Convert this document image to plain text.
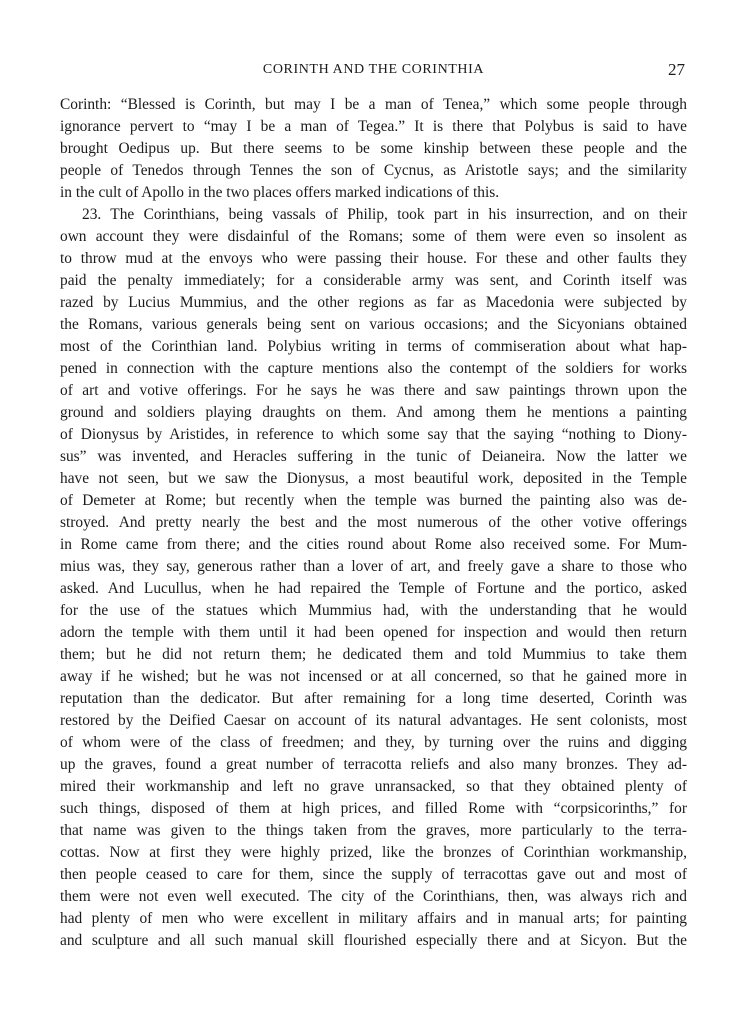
CORINTH AND THE CORINTHIA	27
Corinth: “Blessed is Corinth, but may I be a man of Tenea,” which some people through
ignorance pervert to “may I be a man of Tegea.” It is there that Polybus is said to have
brought Oedipus up. But there seems to be some kinship between these people and the
people of Tenedos through Tennes the son of Cycnus, as Aristotle says; and the similarity
in the cult of Apollo in the two places offers marked indications of this.
23. The Corinthians, being vassals of Philip, took part in his insurrection, and on their
own account they were disdainful of the Romans; some of them were even so insolent as
to throw mud at the envoys who were passing their house. For these and other faults they
paid the penalty immediately; for a considerable army was sent, and Corinth itself was
razed by Lucius Mummius, and the other regions as far as Macedonia were subjected by
the Romans, various generals being sent on various occasions; and the Sicyonians obtained
most of the Corinthian land. Polybius writing in terms of commiseration about what hap-
pened in connection with the capture mentions also the contempt of the soldiers for works
of art and votive offerings. For he says he was there and saw paintings thrown upon the
ground and soldiers playing draughts on them. And among them he mentions a painting
of Dionysus by Aristides, in reference to which some say that the saying “nothing to Diony-
sus” was invented, and Heracles suffering in the tunic of Deianeira. Now the latter we
have not seen, but we saw the Dionysus, a most beautiful work, deposited in the Temple
of Demeter at Rome; but recently when the temple was burned the painting also was de-
stroyed. And pretty nearly the best and the most numerous of the other votive offerings
in Rome came from there; and the cities round about Rome also received some. For Mum-
mius was, they say, generous rather than a lover of art, and freely gave a share to those who
asked. And Lucullus, when he had repaired the Temple of Fortune and the portico, asked
for the use of the statues which Mummius had, with the understanding that he would
adorn the temple with them until it had been opened for inspection and would then return
them; but he did not return them; he dedicated them and told Mummius to take them
away if he wished; but he was not incensed or at all concerned, so that he gained more in
reputation than the dedicator. But after remaining for a long time deserted, Corinth was
restored by the Deified Caesar on account of its natural advantages. He sent colonists, most
of whom were of the class of freedmen; and they, by turning over the ruins and digging
up the graves, found a great number of terracotta reliefs and also many bronzes. They ad-
mired their workmanship and left no grave unransacked, so that they obtained plenty of
such things, disposed of them at high prices, and filled Rome with “corpsicorinths,” for
that name was given to the things taken from the graves, more particularly to the terra-
cottas. Now at first they were highly prized, like the bronzes of Corinthian workmanship,
then people ceased to care for them, since the supply of terracottas gave out and most of
them were not even well executed. The city of the Corinthians, then, was always rich and
had plenty of men who were excellent in military affairs and in manual arts; for painting
and sculpture and all such manual skill flourished especially there and at Sicyon. But the
